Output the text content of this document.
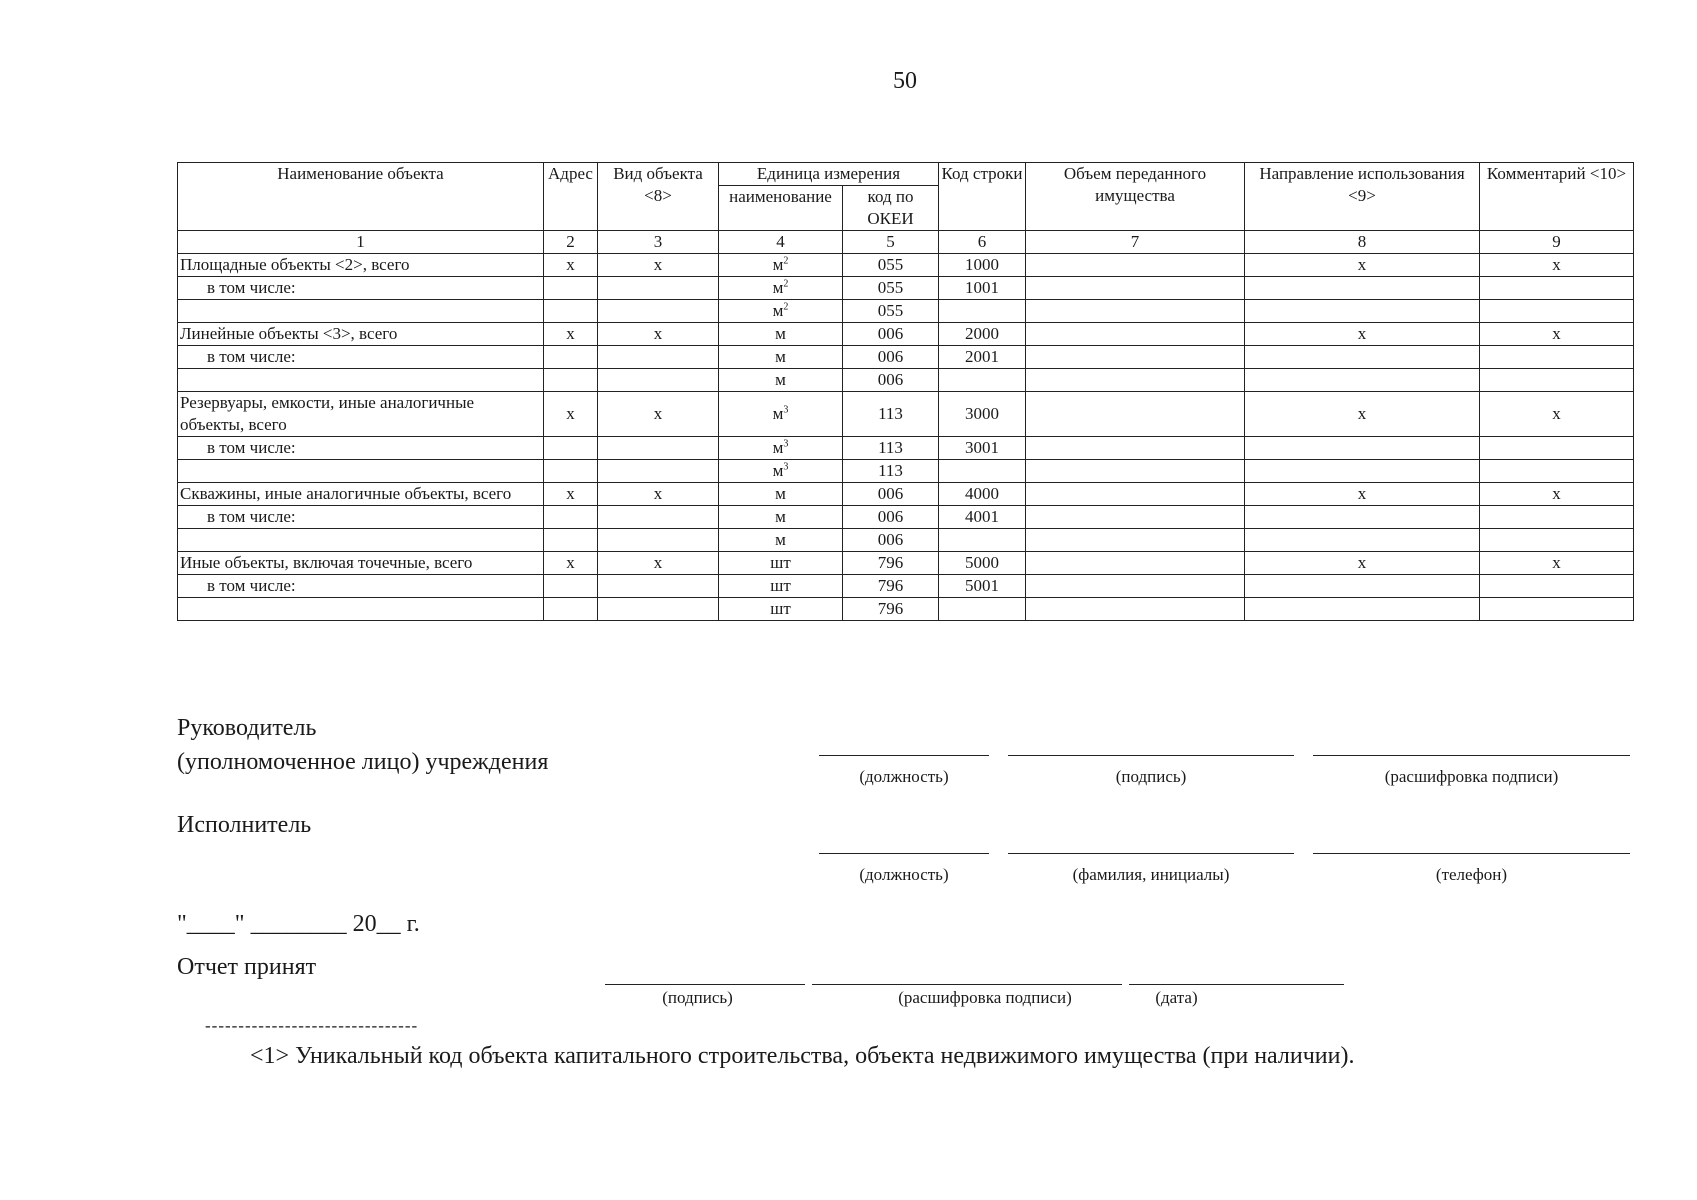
50
Наименование объекта	Адрес	Вид объекта <8>	Единица измерения		Код строки	Объем переданного имущества	Направление использования <9>	Комментарий <10>
			наименование	код по ОКЕИ				
1	2	3	4	5	6	7	8	9
Площадные объекты <2>, всего	x	x	$м^2$	055	1000		x	x
в том числе:			$м^2$	055	1001			
			$м^2$	055				
Линейные объекты <3>, всего	x	x	м	006	2000		x	x
в том числе:			м	006	2001			
			м	006				
Резервуары, емкости, иные аналогичные объекты, всего	x	x	$м^3$	113	3000		x	x
в том числе:			$м^3$	113	3001			
			$м^3$	113				
Скважины, иные аналогичные объекты, всего	x	x	м	006	4000		x	x
в том числе:			м	006	4001			
			м	006				
Иные объекты, включая точечные, всего	x	x	шт	796	5000		x	x
в том числе:			шт	796	5001			
			шт	796				
Руководитель
(уполномоченное лицо) учреждения
(должность)	(подпись)	(расшифровка подписи)
Исполнитель
(должность)	(фамилия, инициалы)	(телефон)
"____" ________ 20__ г.
Отчет принят
(подпись)	(расшифровка подписи)	(дата)
--------------------------------
<1> Уникальный код объекта капитального строительства, объекта недвижимого имущества (при наличии).
